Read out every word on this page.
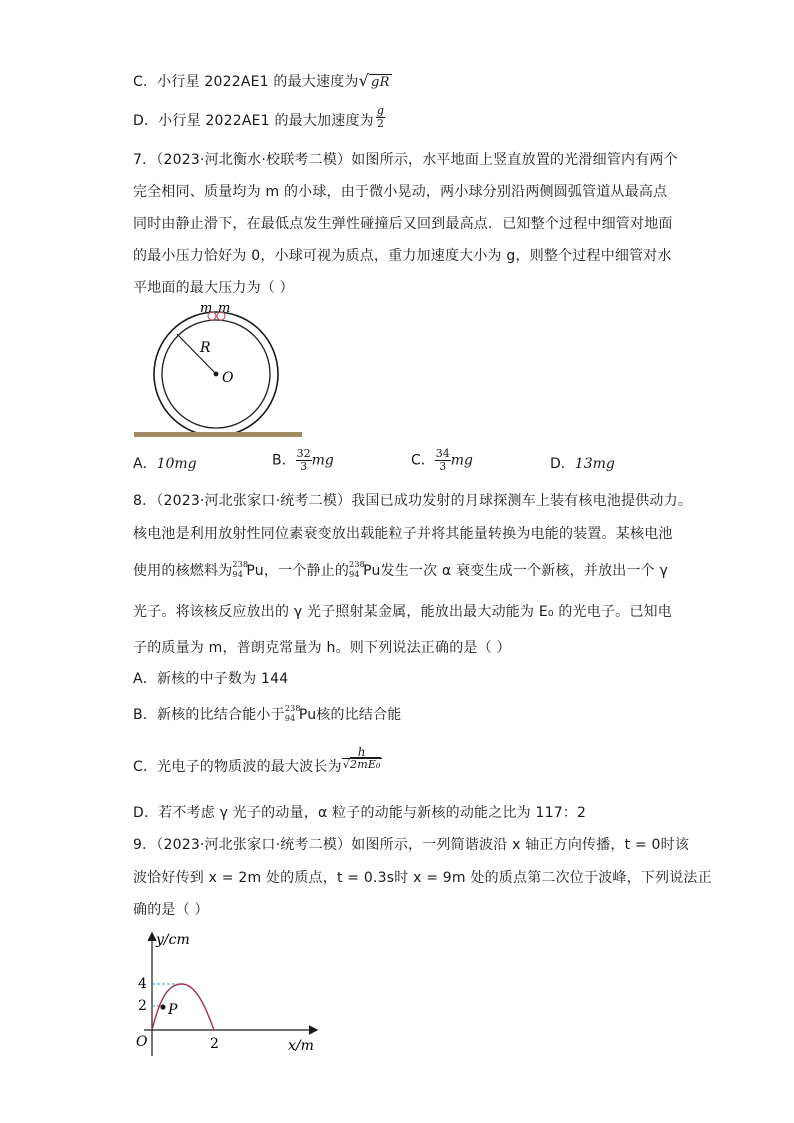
C．小行星 2022AE1 的最大速度为√ gR
D．小行星 2022AE1 的最大加速度为 $\frac{g}{2}$
7．（2023·河北衡水·校联考二模）如图所示，水平地面上竖直放置的光滑细管内有两个
完全相同、质量均为 m 的小球，由于微小晃动，两小球分别沿两侧圆弧管道从最高点
同时由静止滑下，在最低点发生弹性碰撞后又回到最高点．已知整个过程中细管对地面
的最小压力恰好为 0，小球可视为质点，重力加速度大小为 g，则整个过程中细管对水
平地面的最大压力为（ ）
m m
R
O
A．10mg	B． $\frac{32}{3}$ mg	C． $\frac{34}{3}$ mg	D．13mg
8．（2023·河北张家口·统考二模）我国已成功发射的月球探测车上装有核电池提供动力。
核电池是利用放射性同位素衰变放出载能粒子并将其能量转换为电能的装置。某核电池
使用的核燃料为 238
94 Pu，一个静止的 238
94 Pu发生一次 α 衰变生成一个新核，并放出一个 γ
光子。将该核反应放出的 γ 光子照射某金属，能放出最大动能为 E₀ 的光电子。已知电
子的质量为 m，普朗克常量为 h。则下列说法正确的是（ ）
A．新核的中子数为 144
B．新核的比结合能小于 238
94 Pu核的比结合能
C．光电子的物质波的最大波长为 $\frac{h}{\text{√2mE₀}}$
D．若不考虑 γ 光子的动量，α 粒子的动能与新核的动能之比为 117：2
9．（2023·河北张家口·统考二模）如图所示，一列简谐波沿 x 轴正方向传播，t = 0时该
波恰好传到 x = 2m 处的质点，t = 0.3s时 x = 9m 处的质点第二次位于波峰，下列说法正
确的是（ ）
y/cm
x/m
4
2
O	2
P
